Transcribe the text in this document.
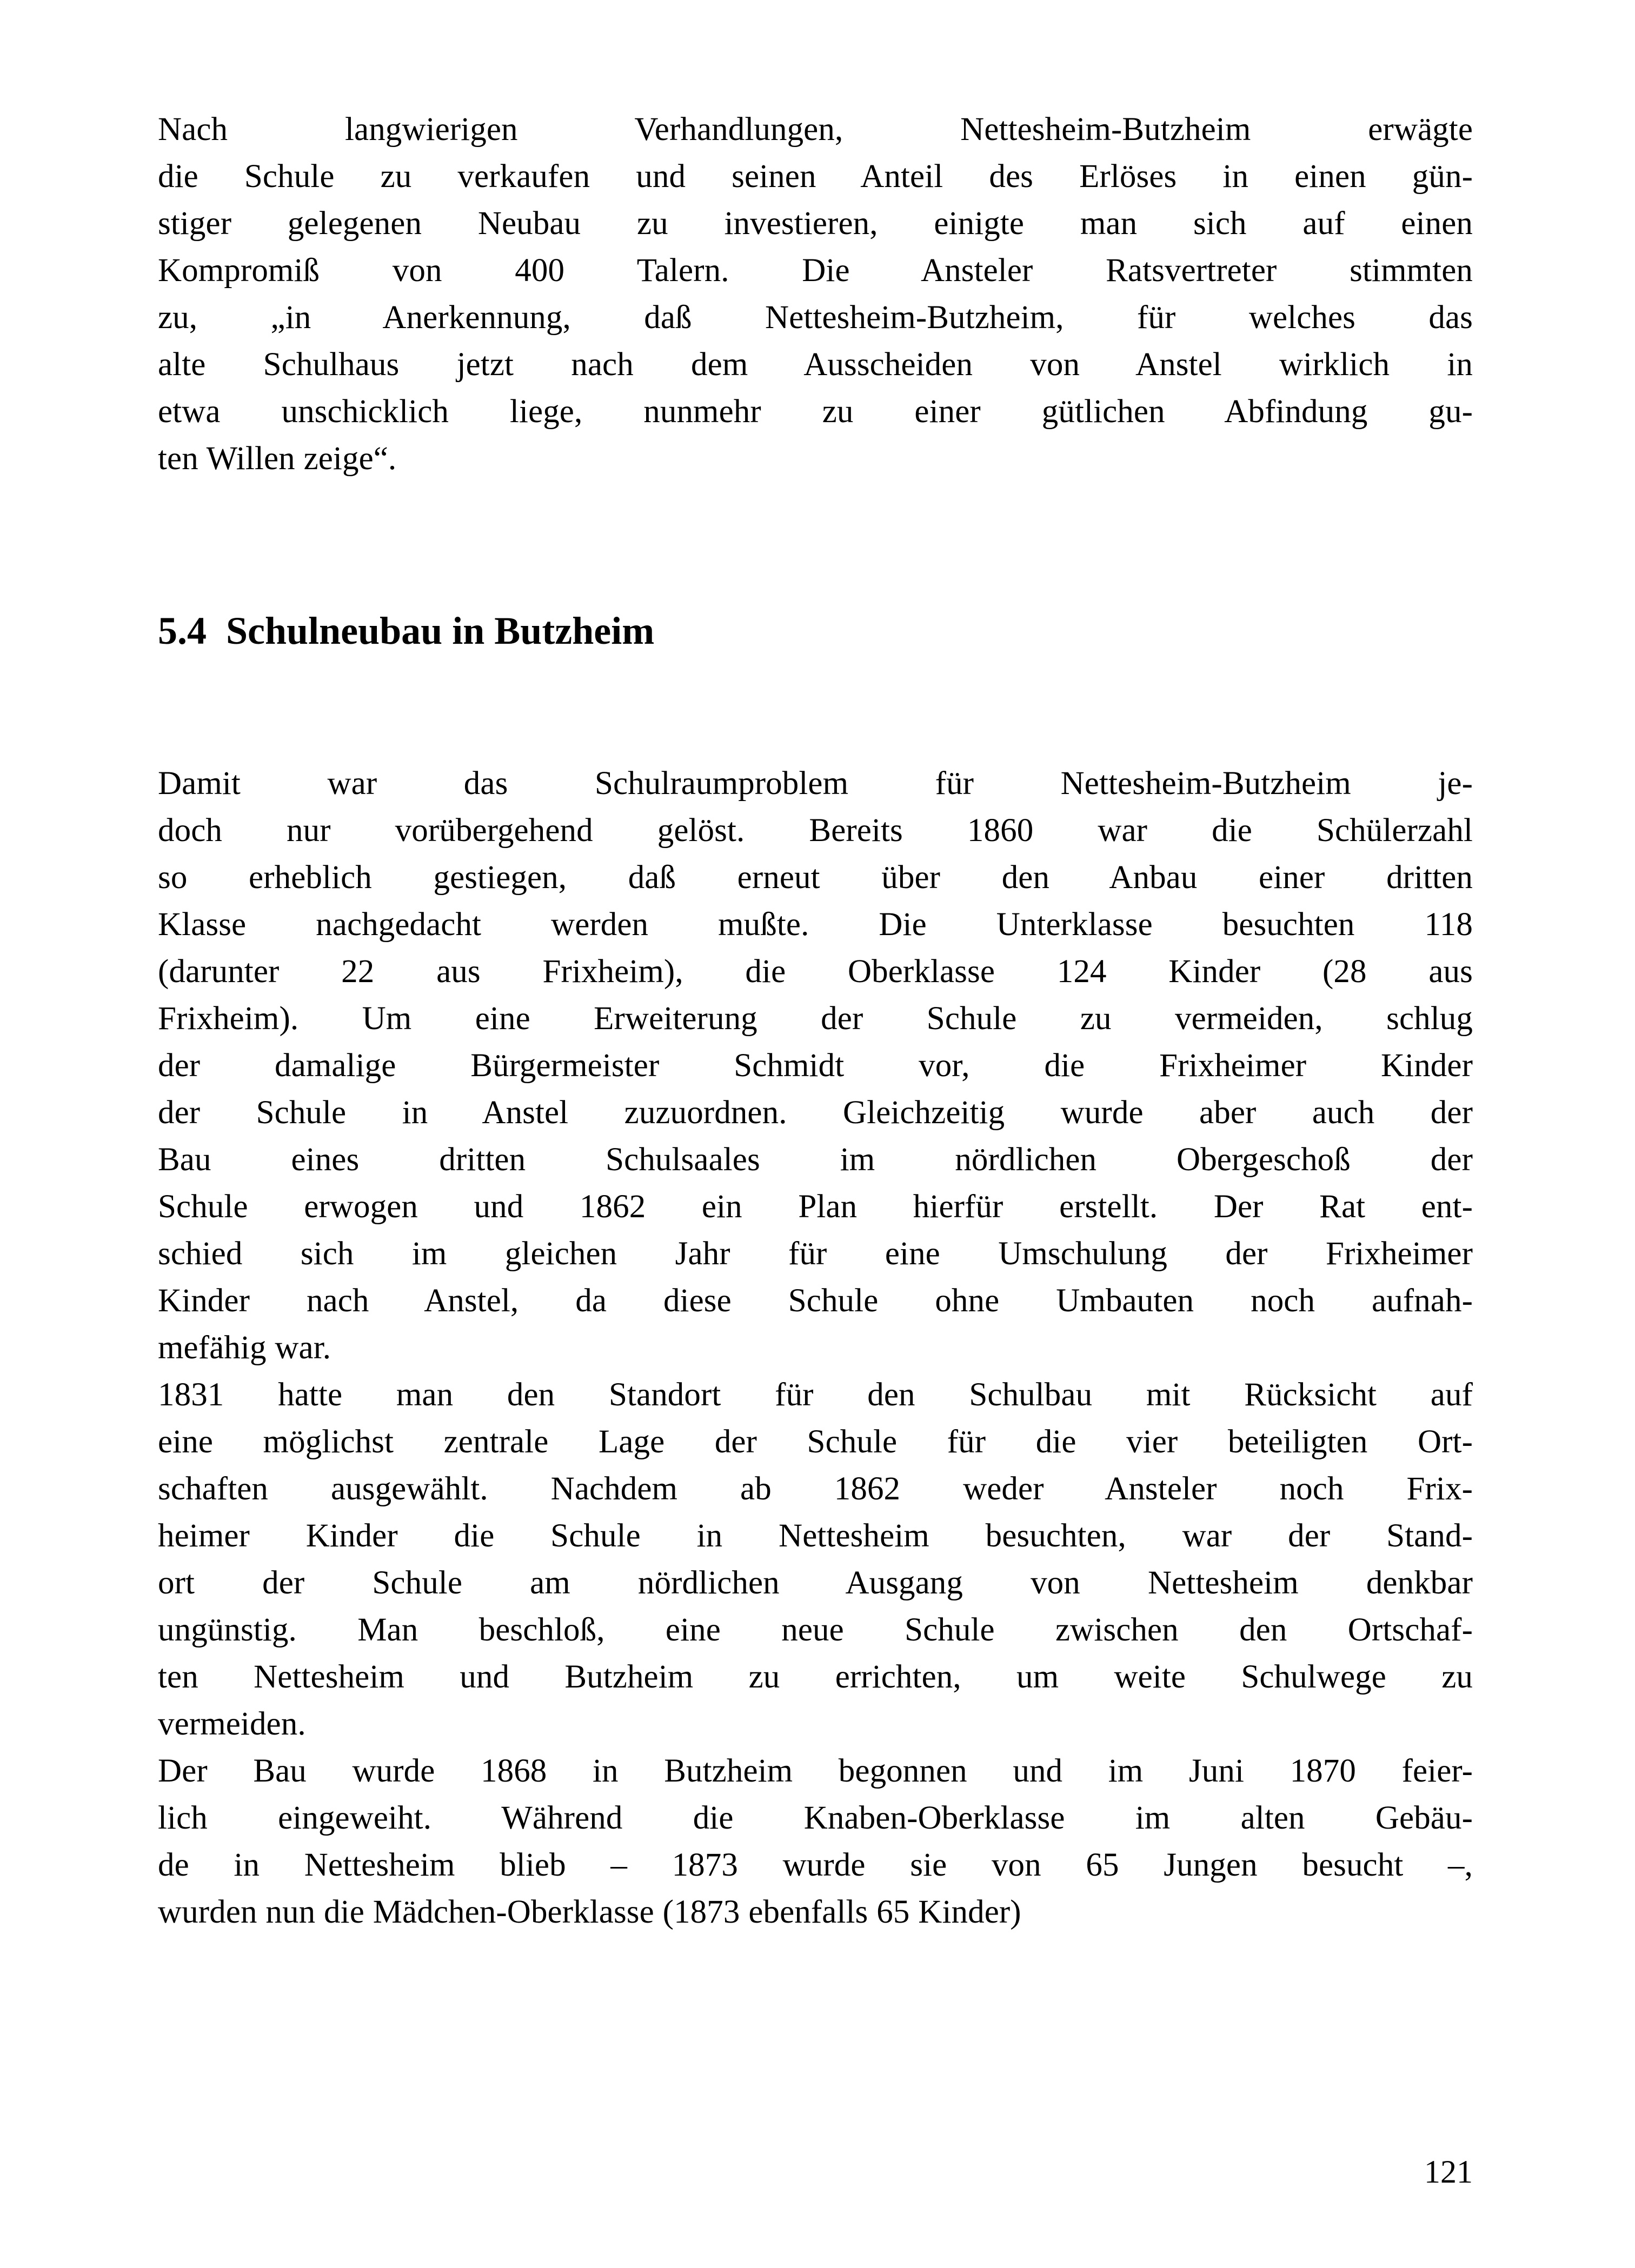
Nach langwierigen Verhandlungen, Nettesheim-Butzheim erwägte
die Schule zu verkaufen und seinen Anteil des Erlöses in einen gün-
stiger gelegenen Neubau zu investieren, einigte man sich auf einen
Kompromiß von 400 Talern. Die Ansteler Ratsvertreter stimmten
zu, „in Anerkennung, daß Nettesheim-Butzheim, für welches das
alte Schulhaus jetzt nach dem Ausscheiden von Anstel wirklich in
etwa unschicklich liege, nunmehr zu einer gütlichen Abfindung gu-
ten Willen zeige“.

5.4  Schulneubau in Butzheim

Damit war das Schulraumproblem für Nettesheim-Butzheim je-
doch nur vorübergehend gelöst. Bereits 1860 war die Schülerzahl
so erheblich gestiegen, daß erneut über den Anbau einer dritten
Klasse nachgedacht werden mußte. Die Unterklasse besuchten 118
(darunter 22 aus Frixheim), die Oberklasse 124 Kinder (28 aus
Frixheim). Um eine Erweiterung der Schule zu vermeiden, schlug
der damalige Bürgermeister Schmidt vor, die Frixheimer Kinder
der Schule in Anstel zuzuordnen. Gleichzeitig wurde aber auch der
Bau eines dritten Schulsaales im nördlichen Obergeschoß der
Schule erwogen und 1862 ein Plan hierfür erstellt. Der Rat ent-
schied sich im gleichen Jahr für eine Umschulung der Frixheimer
Kinder nach Anstel, da diese Schule ohne Umbauten noch aufnah-
mefähig war.

1831 hatte man den Standort für den Schulbau mit Rücksicht auf
eine möglichst zentrale Lage der Schule für die vier beteiligten Ort-
schaften ausgewählt. Nachdem ab 1862 weder Ansteler noch Frix-
heimer Kinder die Schule in Nettesheim besuchten, war der Stand-
ort der Schule am nördlichen Ausgang von Nettesheim denkbar
ungünstig. Man beschloß, eine neue Schule zwischen den Ortschaf-
ten Nettesheim und Butzheim zu errichten, um weite Schulwege zu
vermeiden.

Der Bau wurde 1868 in Butzheim begonnen und im Juni 1870 feier-
lich eingeweiht. Während die Knaben-Oberklasse im alten Gebäu-
de in Nettesheim blieb – 1873 wurde sie von 65 Jungen besucht –,
wurden nun die Mädchen-Oberklasse (1873 ebenfalls 65 Kinder)

121
